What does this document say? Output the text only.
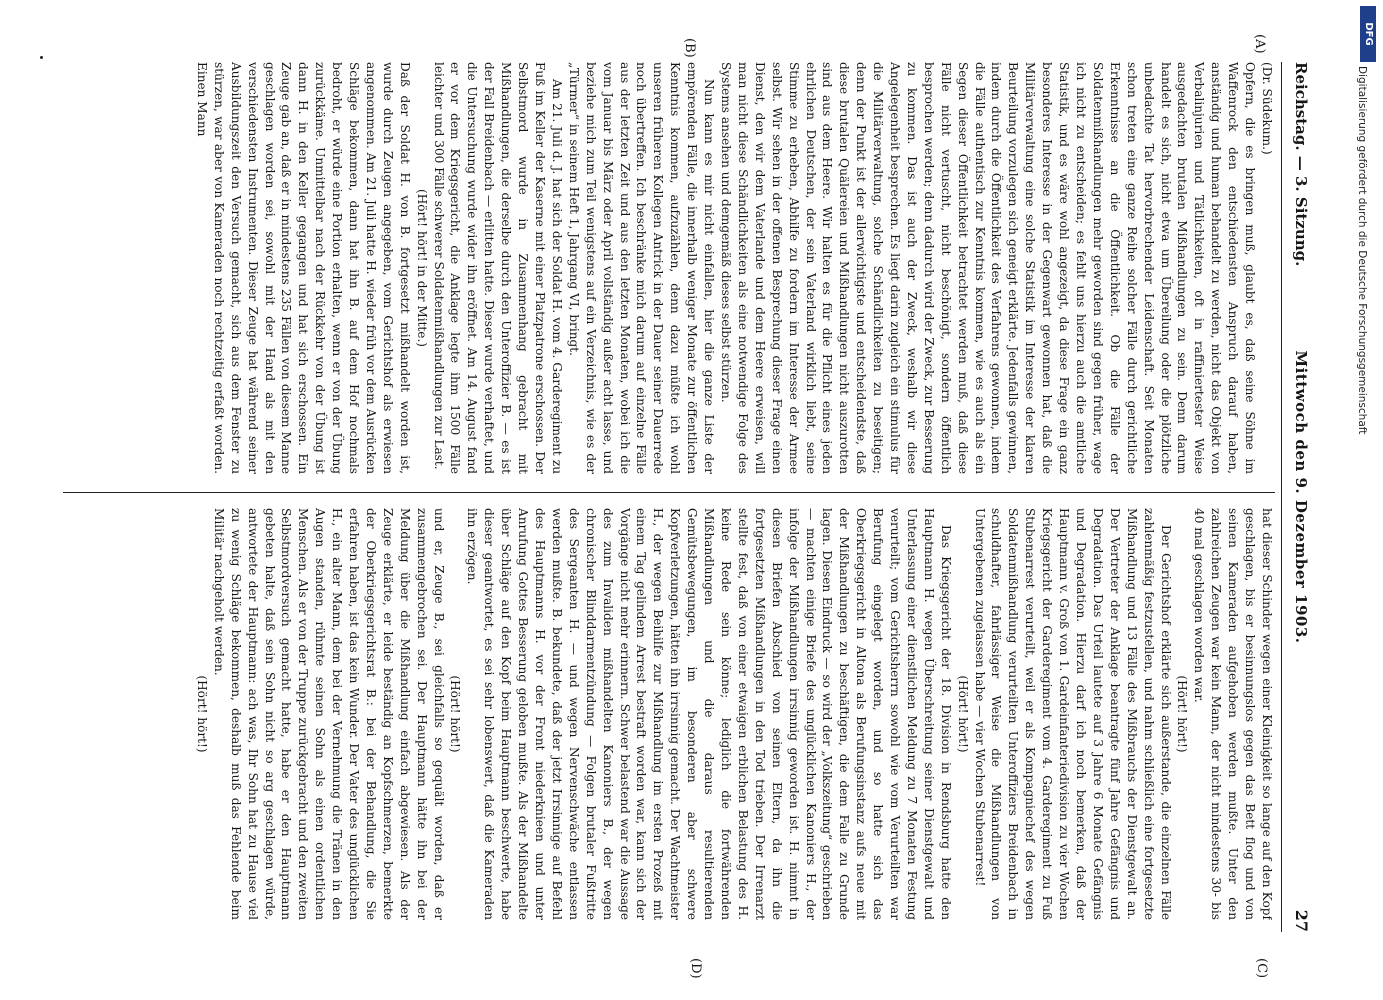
Reichstag. — 3. Sitzung.
Mittwoch den 9. Dezember 1903.
27
(A)
(B)
(C)
(D)

(Dr. Südekum.)

Opfern, die es bringen muß, glaubt es, daß seine Söhne im Waffenrock den entschiedensten Anspruch darauf haben, anständig und human behandelt zu werden, nicht das Objekt von Verbalinjurien und Tätlichkeiten, oft in raffiniertester Weise ausgedachten brutalen Mißhandlungen zu sein. Denn darum handelt es sich, nicht etwa um Übereilung oder die plötzliche unbedachte Tat hervorbrechender Leidenschaft. Seit Monaten schon treten eine ganze Reihe solcher Fälle durch gerichtliche Erkenntnisse an die Öffentlichkeit. Ob die Fälle der Soldatenmißhandlungen mehr geworden sind gegen früher, wage ich nicht zu entscheiden; es fehlt uns hierzu auch die amtliche Statistik, und es wäre wohl angezeigt, da diese Frage ein ganz besonderes Interesse in der Gegenwart gewonnen hat, daß die Militärverwaltung eine solche Statistik im Interesse der klaren Beurteilung vorzulegen sich geneigt erklärte. Jedenfalls gewinnen, indem durch die Öffentlichkeit des Verfahrens gewonnen, indem die Fälle authentisch zur Kenntnis kommen, wie es auch als ein Segen dieser Öffentlichkeit betrachtet werden muß, daß diese Fälle nicht vertuscht, nicht beschönigt, sondern öffentlich besprochen werden; denn dadurch wird der Zweck, zur Besserung zu kommen. Das ist auch der Zweck, weshalb wir diese Angelegenheit besprechen. Es liegt darin zugleich ein stimulus für die Militärverwaltung, solche Schändlichkeiten zu beseitigen; denn der Punkt ist der allerwichtigste und entscheidendste, daß diese brutalen Quälereien und Mißhandlungen nicht auszurotten sind aus dem Heere. Wir halten es für die Pflicht eines jeden ehrlichen Deutschen, der sein Vaterland wirklich liebt, seine Stimme zu erheben, Abhilfe zu fordern im Interesse der Armee selbst. Wir sehen in der offenen Besprechung dieser Frage einen Dienst, den wir dem Vaterlande und dem Heere erweisen, will man nicht diese Schändlichkeiten als eine notwendige Folge des Systems ansehen und demgemäß dieses selbst stürzen.

Nun kann es mir nicht einfallen, hier die ganze Liste der empörenden Fälle, die innerhalb weniger Monate zur öffentlichen Kenntnis kommen, aufzuzählen, denn dazu müßte ich wohl unseren früheren Kollegen Antrick in der Dauer seiner Dauerrede noch übertreffen. Ich beschränke mich darum auf einzelne Fälle aus der letzten Zeit und aus den letzten Monaten, wobei ich die vom Januar bis März oder April vollständig außer acht lasse, und beziehe mich zum Teil wenigstens auf ein Verzeichnis, wie es der „Türmer“ in seinem Heft 1, Jahrgang VI, bringt.

Am 21. Juli d. J. hat sich der Soldat H. vom 4. Garderegiment zu Fuß im Keller der Kaserne mit einer Platzpatrone erschossen. Der Selbstmord wurde in Zusammenhang gebracht mit Mißhandlungen, die derselbe durch den Unteroffizier B. — es ist der Fall Breidenbach — erlitten hatte. Dieser wurde verhaftet, und die Untersuchung wurde wider ihn eröffnet. Am 14. August fand er vor dem Kriegsgericht, die Anklage legte ihm 1500 Fälle leichter und 300 Fälle schwerer Soldatenmißhandlungen zur Last.

(Hört! hört! in der Mitte.)

Daß der Soldat H. von B. fortgesetzt mißhandelt worden ist, wurde durch Zeugen angegeben, vom Gerichtshof als erwiesen angenommen. Am 21. Juli hatte H. wieder früh vor dem Ausrücken Schläge bekommen, dann hat ihn B. auf dem Hof nochmals bedroht, er würde eine Portion erhalten, wenn er von der Übung zurückkäme. Unmittelbar nach der Rückkehr von der Übung ist dann H. in den Keller gegangen und hat sich erschossen. Ein Zeuge gab an, daß er in mindestens 235 Fällen von diesem Manne geschlagen worden sei, sowohl mit der Hand als mit den verschiedensten Instrumenten. Dieser Zeuge hat während seiner Ausbildungszeit den Versuch gemacht, sich aus dem Fenster zu stürzen, war aber von Kameraden noch rechtzeitig erfaßt worden. Einen Mann

hat dieser Schinder wegen einer Kleinigkeit so lange auf den Kopf geschlagen, bis er besinnungslos gegen das Bett flog und von seinen Kameraden aufgehoben werden mußte. Unter den zahlreichen Zeugen war kein Mann, der nicht mindestens 30- bis 40 mal geschlagen worden war.

(Hört! hört!)

Der Gerichtshof erklärte sich außerstande, die einzelnen Fälle zahlenmäßig festzustellen, und nahm schließlich eine fortgesetzte Mißhandlung und 13 Fälle des Mißbrauchs der Dienstgewalt an. Der Vertreter der Anklage beantragte fünf Jahre Gefängnis und Degradation. Das Urteil lautete auf 3 Jahre 6 Monate Gefängnis und Degradation. Hierzu darf ich noch bemerken, daß der Hauptmann v. Groß von 1. Gardeinfanteriedivision zu vier Wochen Kriegsgericht der Garderegiment vom 4. Garderegiment zu Fuß Stubenarrest verurteilt, weil er als Kompagniechef des wegen Soldatenmißhandlung verurteilten Unteroffiziers Breidenbach in schuldhafter, fahrlässiger Weise die Mißhandlungen von Untergebenen zugelassen habe — vier Wochen Stubenarrest!

(Hört! hört!)

Das Kriegsgericht der 18. Division in Rendsburg hatte den Hauptmann H. wegen Überschreitung seiner Dienstgewalt und Unterlassung einer dienstlichen Meldung zu 7 Monaten Festung verurteilt; vom Gerichtsherrn sowohl wie vom Verurteilten war Berufung eingelegt worden, und so hatte sich das Oberkriegsgericht in Altona als Berufungsinstanz aufs neue mit der Mißhandlungen zu beschäftigen, die dem Falle zu Grunde lagen. Diesen Eindruck — so wird der „Volkszeitung“ geschrieben — machten einige Briefe des unglücklichen Kanoniers H., der infolge der Mißhandlungen irrsinnig geworden ist. H. nimmt in diesen Briefen Abschied von seinen Eltern, da ihn die fortgesetzten Mißhandlungen in den Tod trieben. Der Irrenarzt stellte fest, daß von einer etwaigen erblichen Belastung des H. keine Rede sein könne; lediglich die fortwährenden Mißhandlungen und die daraus resultierenden Gemütsbewegungen, im besonderen aber schwere Kopfverletzungen, hätten ihn irrsinnig gemacht. Der Wachtmeister H., der wegen Beihilfe zur Mißhandlung im ersten Prozeß mit einem Tag gelindem Arrest bestraft worden war, kann sich der Vorgänge nicht mehr erinnern. Schwer belastend war die Aussage des zum Invaliden mißhandelten Kanoniers B., der wegen chronischer Blinddarmentzündung — Folgen brutaler Fußtritte des Sergeanten H. — und wegen Nervenschwäche entlassen werden mußte. B. bekundete, daß der jetzt Irrsinnige auf Befehl des Hauptmanns H. vor der Front niederknieen und unter Anrufung Gottes Besserung geloben mußte. Als der Mißhandelte über Schläge auf den Kopf beim Hauptmann beschwerte, habe dieser geantwortet, es sei sehr lobenswert, daß die Kameraden ihn erzögen.

(Hört! hört!)

und er, Zeuge B., sei gleichfalls so gequält worden, daß er zusammengebrochen sei. Der Hauptmann hätte ihn bei der Meldung über die Mißhandlung einfach abgewiesen. Als der Zeuge erklärte, er leide beständig an Kopfschmerzen, bemerkte der Oberkriegsgerichtsrat B.: bei der Behandlung, die Sie erfahren haben, ist das kein Wunder. Der Vater des unglücklichen H., ein alter Mann, dem bei der Vernehmung die Tränen in den Augen standen, rühmte seinen Sohn als einen ordentlichen Menschen. Als er von der Truppe zurückgebracht und den zweiten Selbstmordversuch gemacht hatte, habe er den Hauptmann gebeten halte, daß sein Sohn nicht so arg geschlagen würde, antwortete der Hauptmann: ach was, Ihr Sohn hat zu Hause viel zu wenig Schläge bekommen, deshalb muß das Fehlende beim Militär nachgeholt werden.

(Hört! hört!)

DFG
Digitalisierung gefördert durch die Deutsche Forschungsgemeinschaft
